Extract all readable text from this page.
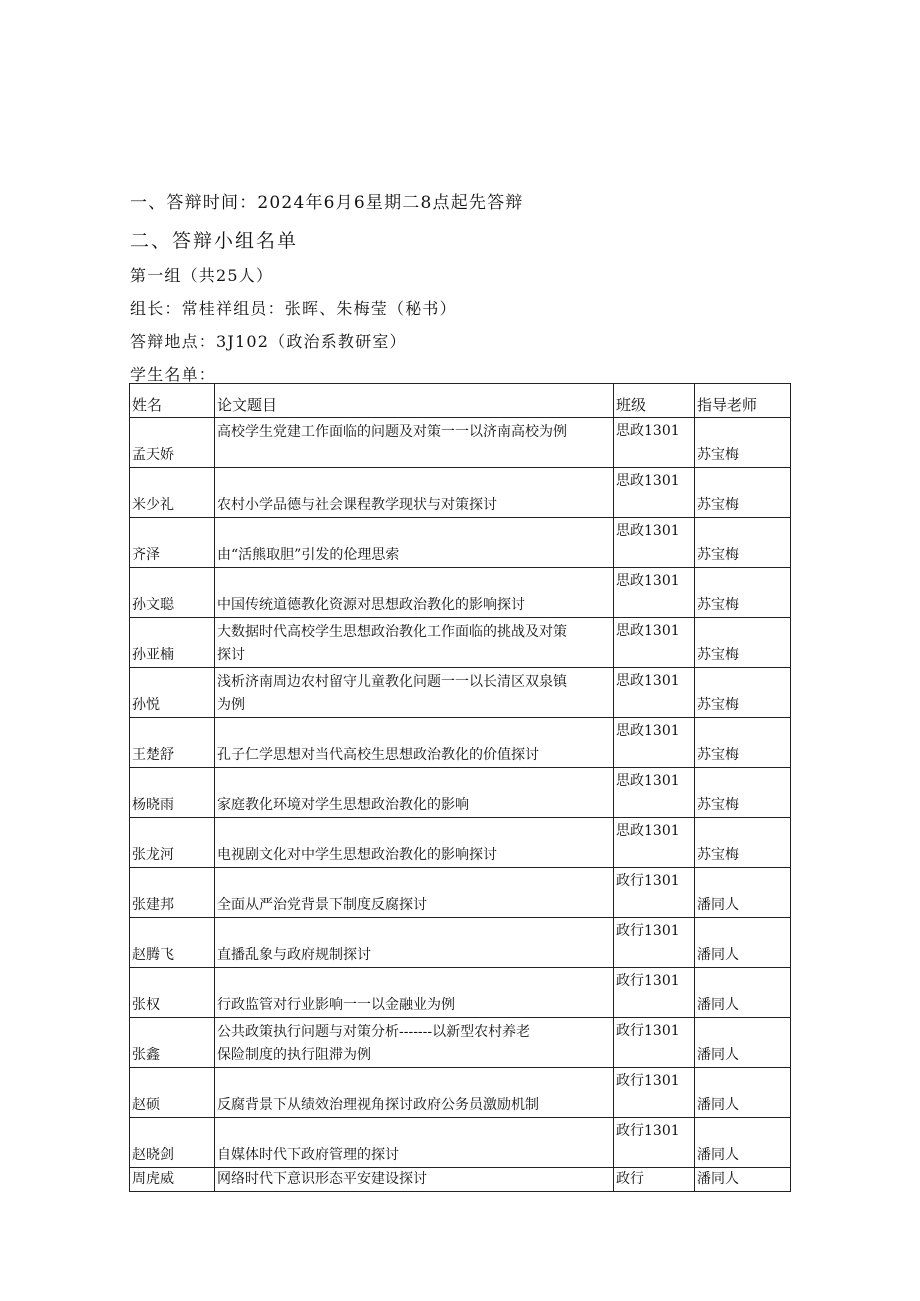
一、答辩时间：2024年6月6星期二8点起先答辩
二、答辩小组名单
第一组（共25人）
组长：常桂祥组员：张晖、朱梅莹（秘书）
答辩地点：3J102（政治系教研室）
学生名单：
姓名	论文题目	班级	指导老师
孟天娇	高校学生党建工作面临的问题及对策一一以济南高校为例	思政1301	苏宝梅
米少礼	农村小学品德与社会课程教学现状与对策探讨	思政1301	苏宝梅
齐泽	由“活熊取胆”引发的伦理思索	思政1301	苏宝梅
孙文聪	中国传统道德教化资源对思想政治教化的影响探讨	思政1301	苏宝梅
孙亚楠	大数据时代高校学生思想政治教化工作面临的挑战及对策
探讨	思政1301	苏宝梅
孙悦	浅析济南周边农村留守儿童教化问题一一以长清区双泉镇
为例	思政1301	苏宝梅
王楚舒	孔子仁学思想对当代高校生思想政治教化的价值探讨	思政1301	苏宝梅
杨晓雨	家庭教化环境对学生思想政治教化的影响	思政1301	苏宝梅
张龙河	电视剧文化对中学生思想政治教化的影响探讨	思政1301	苏宝梅
张建邦	全面从严治党背景下制度反腐探讨	政行1301	潘同人
赵腾飞	直播乱象与政府规制探讨	政行1301	潘同人
张权	行政监管对行业影响一一以金融业为例	政行1301	潘同人
张鑫	公共政策执行问题与对策分析-------以新型农村养老
保险制度的执行阻滞为例	政行1301	潘同人
赵硕	反腐背景下从绩效治理视角探讨政府公务员激励机制	政行1301	潘同人
赵晓剑	自媒体时代下政府管理的探讨	政行1301	潘同人
周虎威	网络时代下意识形态平安建设探讨	政行	潘同人
